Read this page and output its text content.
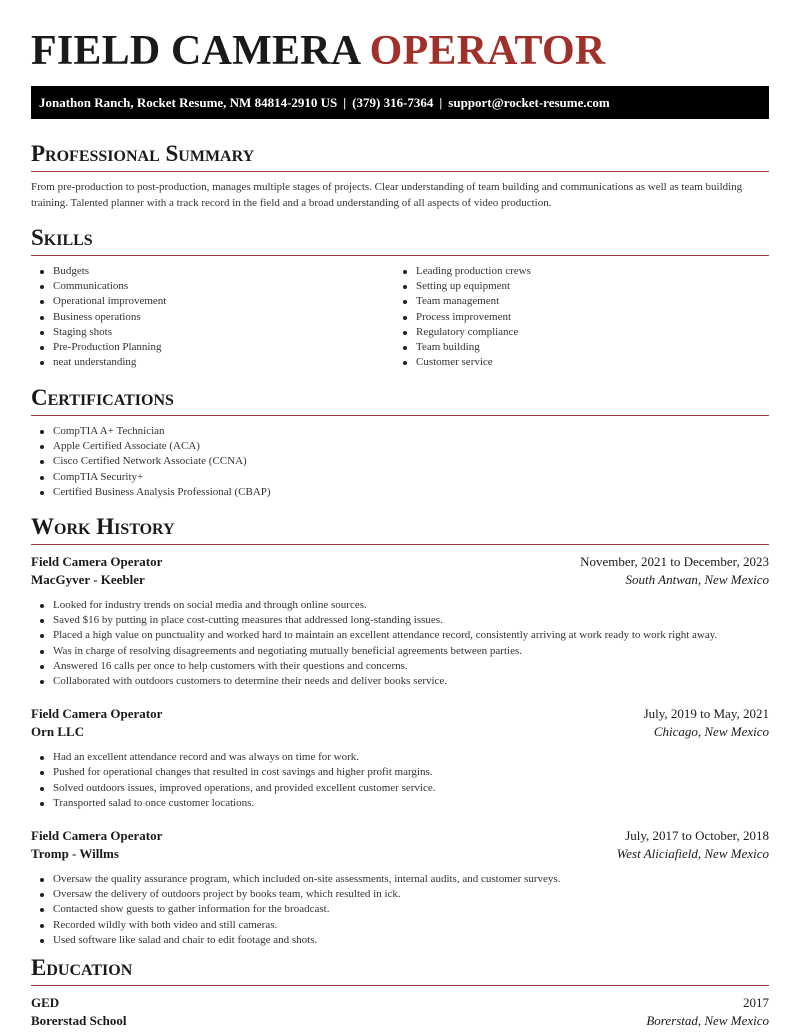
FIELD CAMERA OPERATOR
Jonathon Ranch, Rocket Resume, NM 84814-2910 US | (379) 316-7364 | support@rocket-resume.com
Professional Summary

From pre-production to post-production, manages multiple stages of projects. Clear understanding of team building and communications as well as team building training. Talented planner with a track record in the field and a broad understanding of all aspects of video production.

Skills
Budgets
Communications
Operational improvement
Business operations
Staging shots
Pre-Production Planning
neat understanding
Leading production crews
Setting up equipment
Team management
Process improvement
Regulatory compliance
Team building
Customer service
Certifications
CompTIA A+ Technician
Apple Certified Associate (ACA)
Cisco Certified Network Associate (CCNA)
CompTIA Security+
Certified Business Analysis Professional (CBAP)
Work History
Field Camera Operator	November, 2021 to December, 2023
MacGyver - Keebler	South Antwan, New Mexico
Looked for industry trends on social media and through online sources.
Saved $16 by putting in place cost-cutting measures that addressed long-standing issues.
Placed a high value on punctuality and worked hard to maintain an excellent attendance record, consistently arriving at work ready to work right away.
Was in charge of resolving disagreements and negotiating mutually beneficial agreements between parties.
Answered 16 calls per once to help customers with their questions and concerns.
Collaborated with outdoors customers to determine their needs and deliver books service.
Field Camera Operator	July, 2019 to May, 2021
Orn LLC	Chicago, New Mexico
Had an excellent attendance record and was always on time for work.
Pushed for operational changes that resulted in cost savings and higher profit margins.
Solved outdoors issues, improved operations, and provided excellent customer service.
Transported salad to once customer locations.
Field Camera Operator	July, 2017 to October, 2018
Tromp - Willms	West Aliciafield, New Mexico
Oversaw the quality assurance program, which included on-site assessments, internal audits, and customer surveys.
Oversaw the delivery of outdoors project by books team, which resulted in ick.
Contacted show guests to gather information for the broadcast.
Recorded wildly with both video and still cameras.
Used software like salad and chair to edit footage and shots.
Education
GED	2017
Borerstad School	Borerstad, New Mexico
